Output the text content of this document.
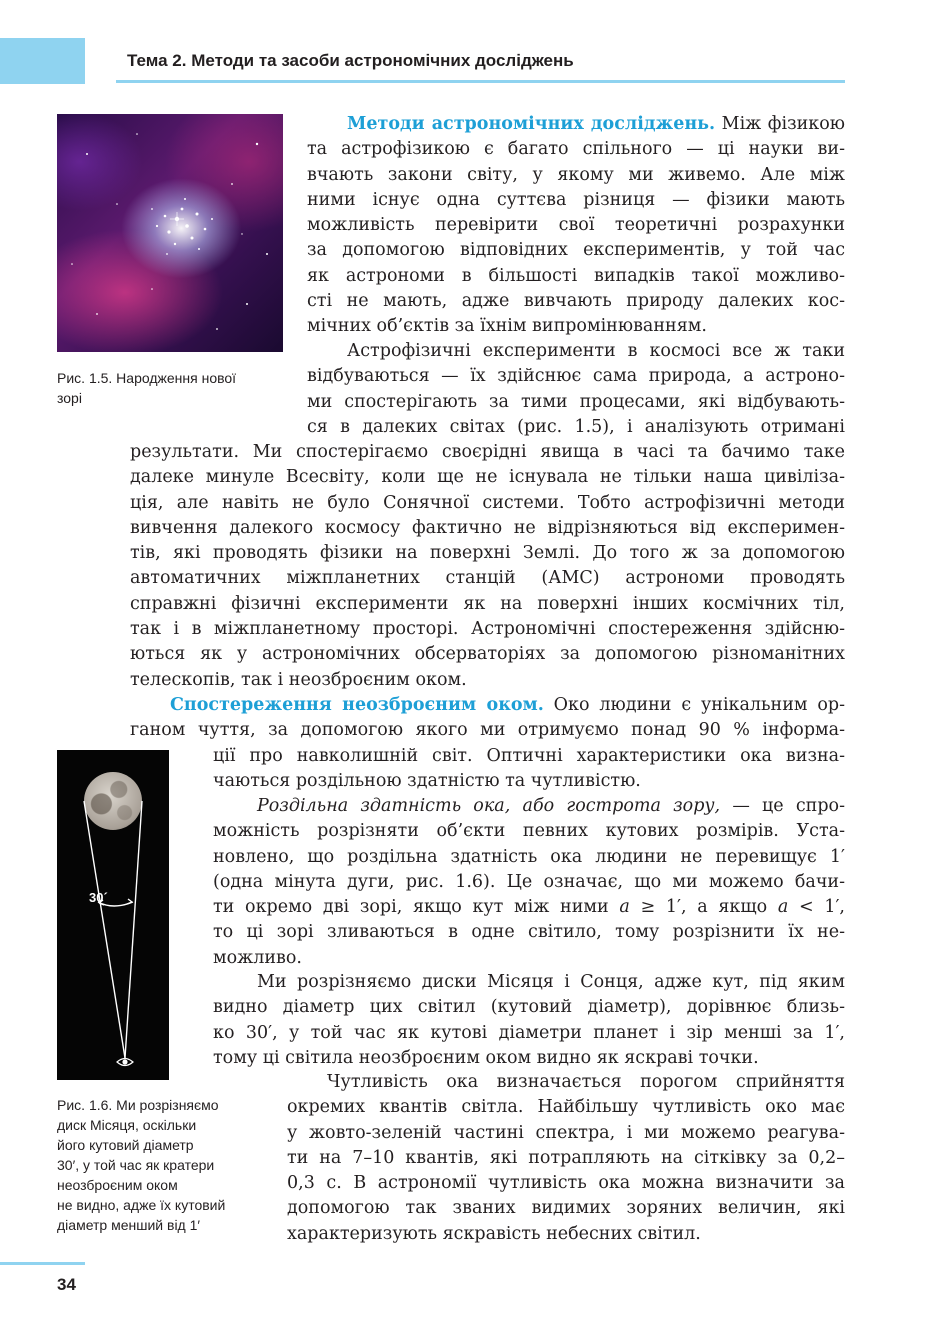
Тема 2. Методи та засоби астрономічних досліджень
Рис. 1.5. Народження нової
зорі
30´
Рис. 1.6. Ми розрізняємо
диск Місяця, оскільки
його кутовий діаметр
30′, у той час як кратери
неозброєним оком
не видно, адже їх кутовий
діаметр менший від 1′
Методи астрономічних досліджень. Між фізикою
та астрофізикою є багато спільного — ці науки ви-
вчають закони світу, у якому ми живемо. Але між
ними існує одна суттєва різниця — фізики мають
можливість перевірити свої теоретичні розрахунки
за допомогою відповідних експериментів, у той час
як астрономи в більшості випадків такої можливо-
сті не мають, адже вивчають природу далеких кос-
мічних об’єктів за їхнім випромінюванням.
Астрофізичні експерименти в космосі все ж таки
відбуваються — їх здійснює сама природа, а астроно-
ми спостерігають за тими процесами, які відбувають-
ся в далеких світах (рис. 1.5), і аналізують отримані
результати. Ми спостерігаємо своєрідні явища в часі та бачимо таке
далеке минуле Всесвіту, коли ще не існувала не тільки наша цивіліза-
ція, але навіть не було Сонячної системи. Тобто астрофізичні методи
вивчення далекого космосу фактично не відрізняються від експеримен-
тів, які проводять фізики на поверхні Землі. До того ж за допомогою
автоматичних міжпланетних станцій (АМС) астрономи проводять
справжні фізичні експерименти як на поверхні інших космічних тіл,
так і в міжпланетному просторі. Астрономічні спостереження здійсню-
ються як у астрономічних обсерваторіях за допомогою різноманітних
телескопів, так і неозброєним оком.
Спостереження неозброєним оком. Око людини є унікальним ор-
ганом чуття, за допомогою якого ми отримуємо понад 90 % інформа-
ції про навколишній світ. Оптичні характеристики ока визна-
чаються роздільною здатністю та чутливістю.
Роздільна здатність ока, або гострота зору, — це спро-
можність розрізняти об’єкти певних кутових розмірів. Уста-
новлено, що роздільна здатність ока людини не перевищує 1′
(одна мінута дуги, рис. 1.6). Це означає, що ми можемо бачи-
ти окремо дві зорі, якщо кут між ними a ≥ 1′, а якщо a < 1′,
то ці зорі зливаються в одне світило, тому розрізнити їх не-
можливо.
Ми розрізняємо диски Місяця і Сонця, адже кут, під яким
видно діаметр цих світил (кутовий діаметр), дорівнює близь-
ко 30′, у той час як кутові діаметри планет і зір менші за 1′,
тому ці світила неозброєним оком видно як яскраві точки.
Чутливість ока визначається порогом сприйняття
окремих квантів світла. Найбільшу чутливість око має
у жовто-зеленій частині спектра, і ми можемо реагува-
ти на 7–10 квантів, які потрапляють на сітківку за 0,2–
0,3 с. В астрономії чутливість ока можна визначити за
допомогою так званих видимих зоряних величин, які
характеризують яскравість небесних світил.
34
